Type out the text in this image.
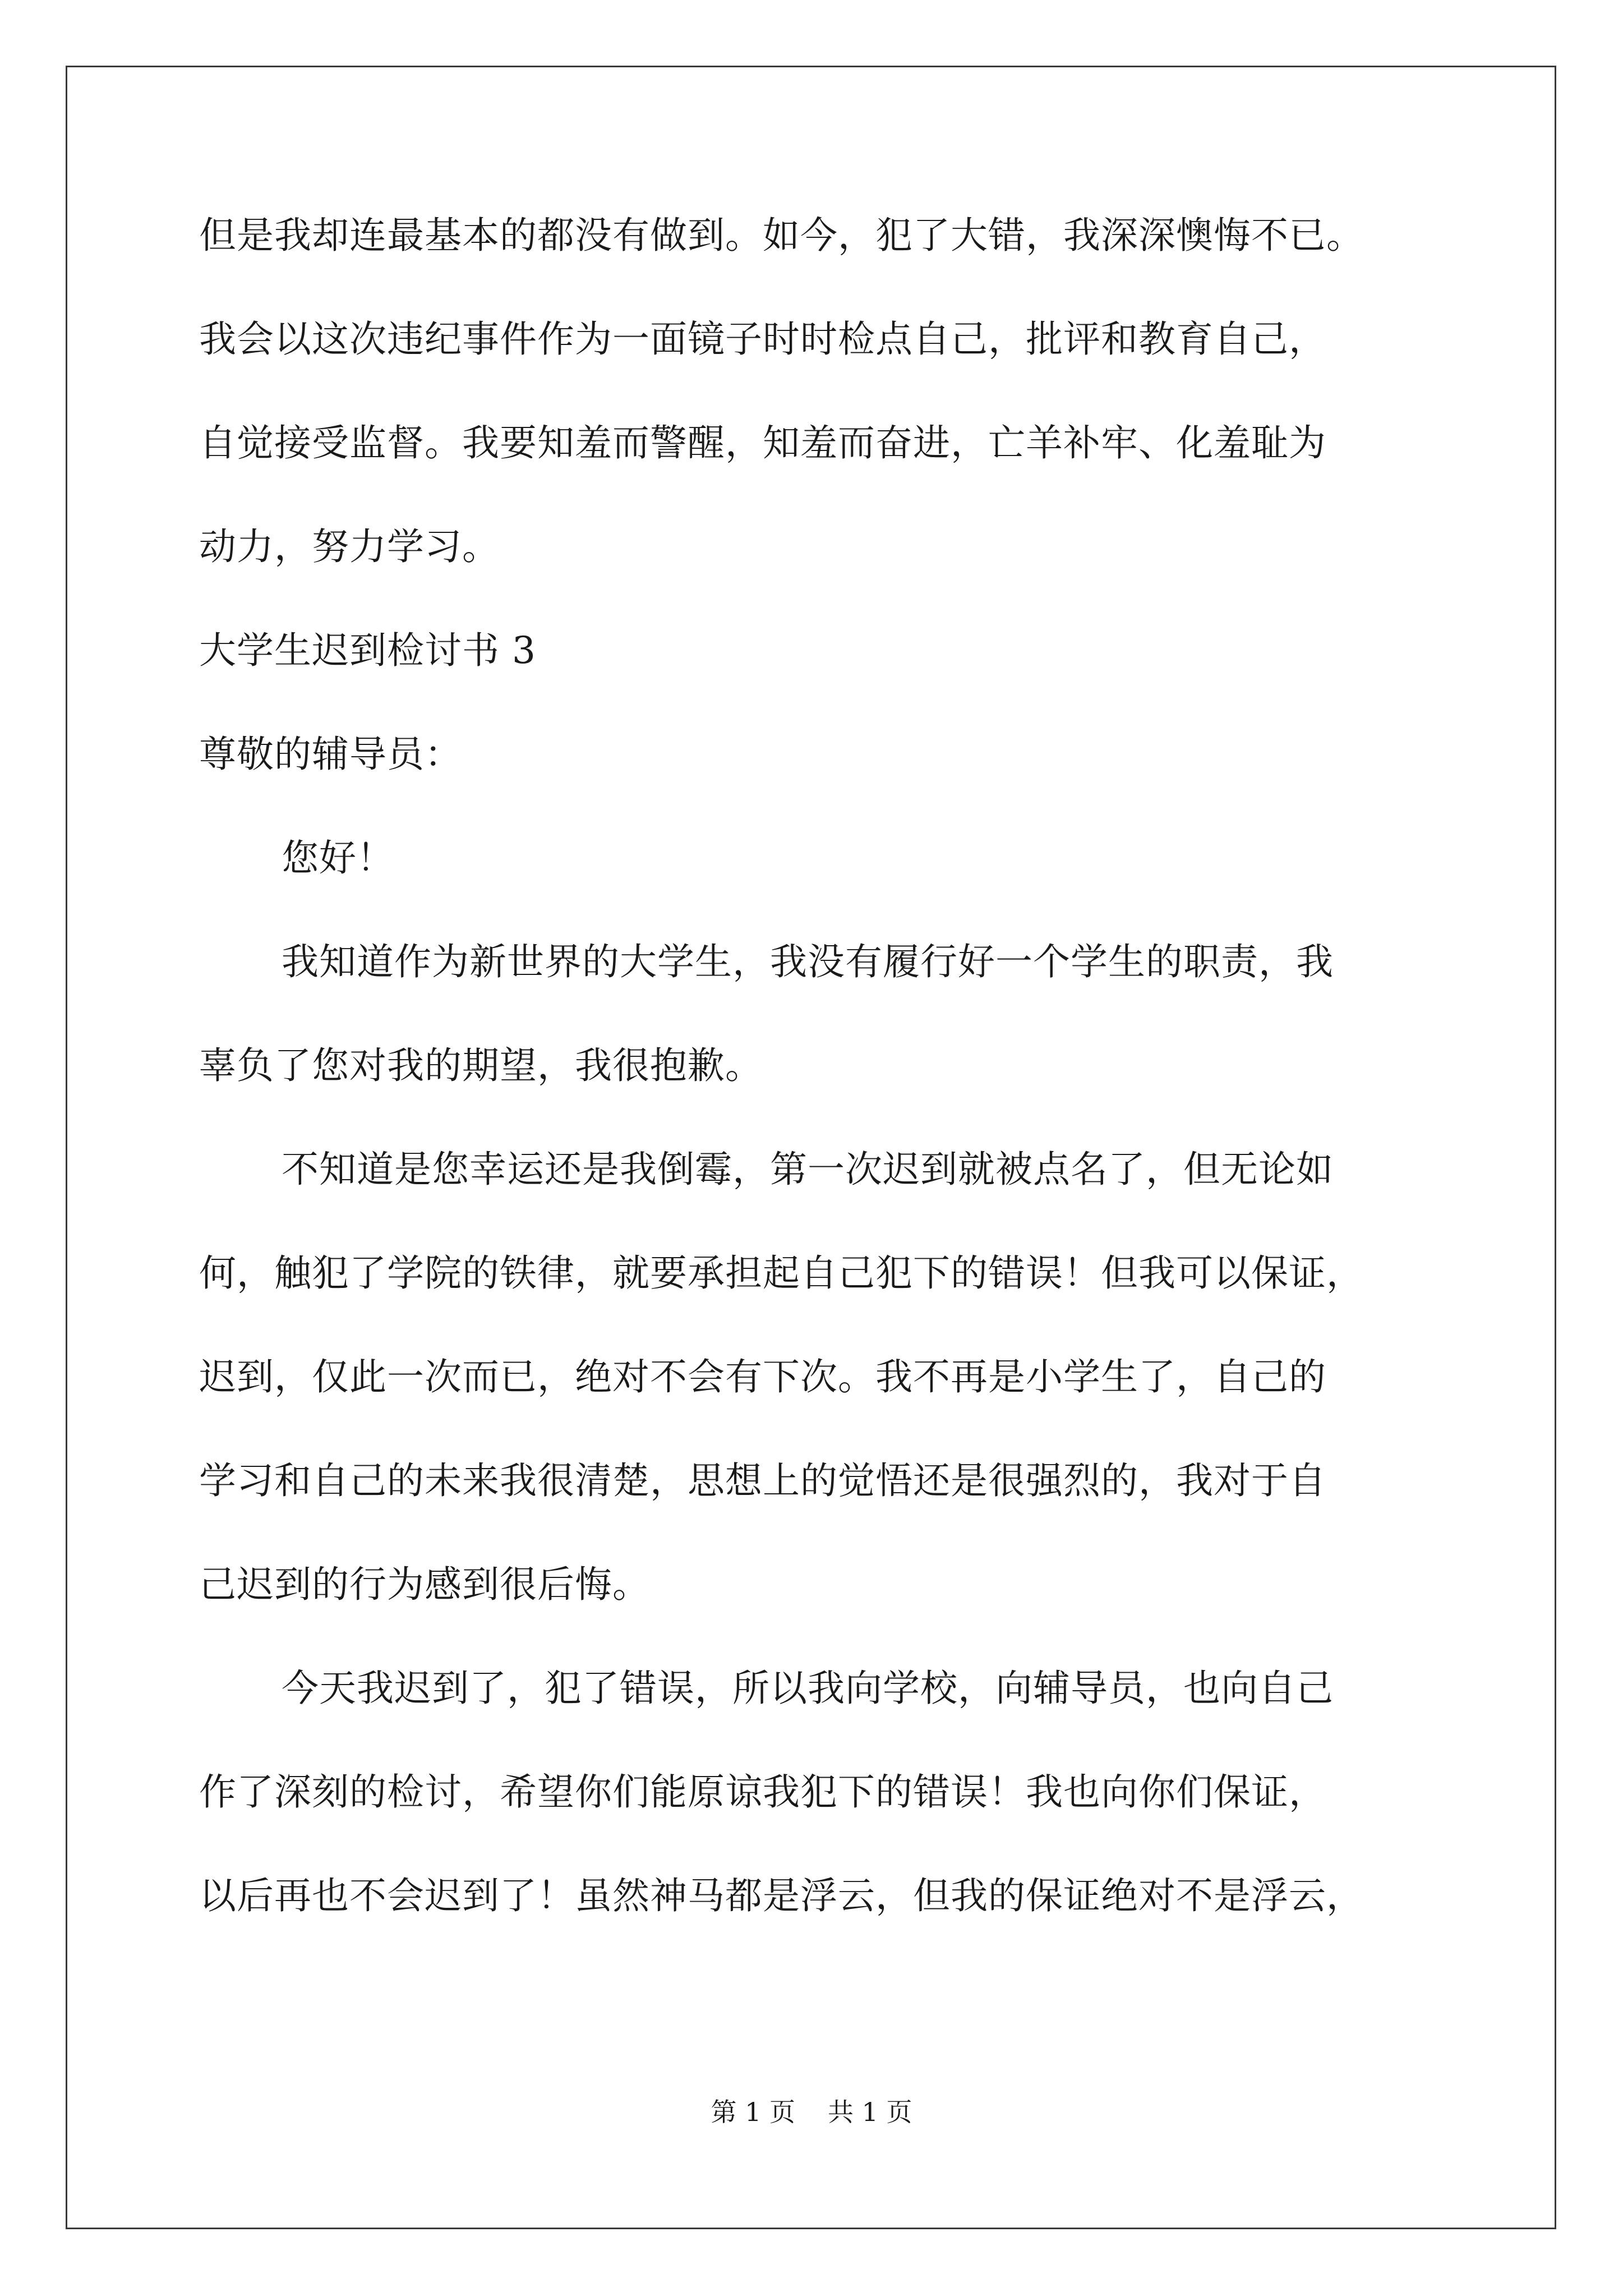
但是我却连最基本的都没有做到。如今，犯了大错，我深深懊悔不已。
我会以这次违纪事件作为一面镜子时时检点自己，批评和教育自己，
自觉接受监督。我要知羞而警醒，知羞而奋进，亡羊补牢、化羞耻为
动力，努力学习。
大学生迟到检讨书 3
尊敬的辅导员：
您好！
我知道作为新世界的大学生，我没有履行好一个学生的职责，我
辜负了您对我的期望，我很抱歉。
不知道是您幸运还是我倒霉，第一次迟到就被点名了，但无论如
何，触犯了学院的铁律，就要承担起自己犯下的错误！但我可以保证，
迟到，仅此一次而已，绝对不会有下次。我不再是小学生了，自己的
学习和自己的未来我很清楚，思想上的觉悟还是很强烈的，我对于自
己迟到的行为感到很后悔。
今天我迟到了，犯了错误，所以我向学校，向辅导员，也向自己
作了深刻的检讨，希望你们能原谅我犯下的错误！我也向你们保证，
以后再也不会迟到了！虽然神马都是浮云，但我的保证绝对不是浮云，
第 1 页 共 1 页
